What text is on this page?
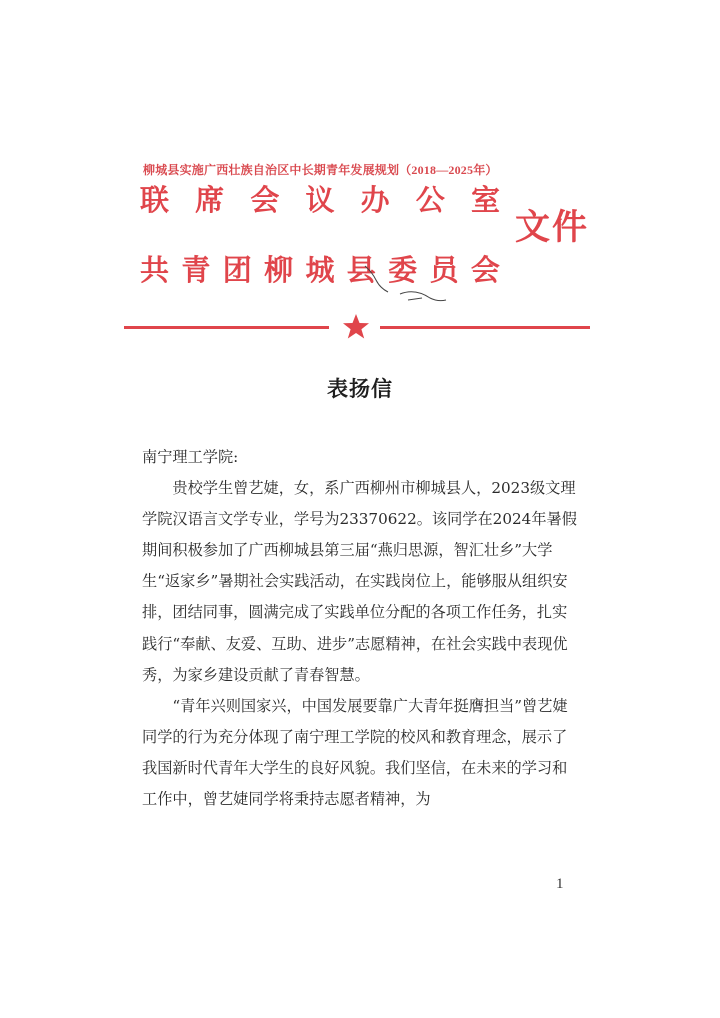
柳城县实施广西壮族自治区中长期青年发展规划（2018—2025年）
联 席 会 议 办 公 室
共 青 团 柳 城 县 委 员 会
文件
表扬信

南宁理工学院:

贵校学生曾艺婕，女，系广西柳州市柳城县人，2023级文理学院汉语言文学专业，学号为23370622。该同学在2024年暑假期间积极参加了广西柳城县第三届“燕归思源，智汇壮乡”大学生“返家乡”暑期社会实践活动，在实践岗位上，能够服从组织安排，团结同事，圆满完成了实践单位分配的各项工作任务，扎实践行“奉献、友爱、互助、进步”志愿精神，在社会实践中表现优秀，为家乡建设贡献了青春智慧。

“青年兴则国家兴，中国发展要靠广大青年挺膺担当”曾艺婕同学的行为充分体现了南宁理工学院的校风和教育理念，展示了我国新时代青年大学生的良好风貌。我们坚信，在未来的学习和工作中，曾艺婕同学将秉持志愿者精神，为

1
